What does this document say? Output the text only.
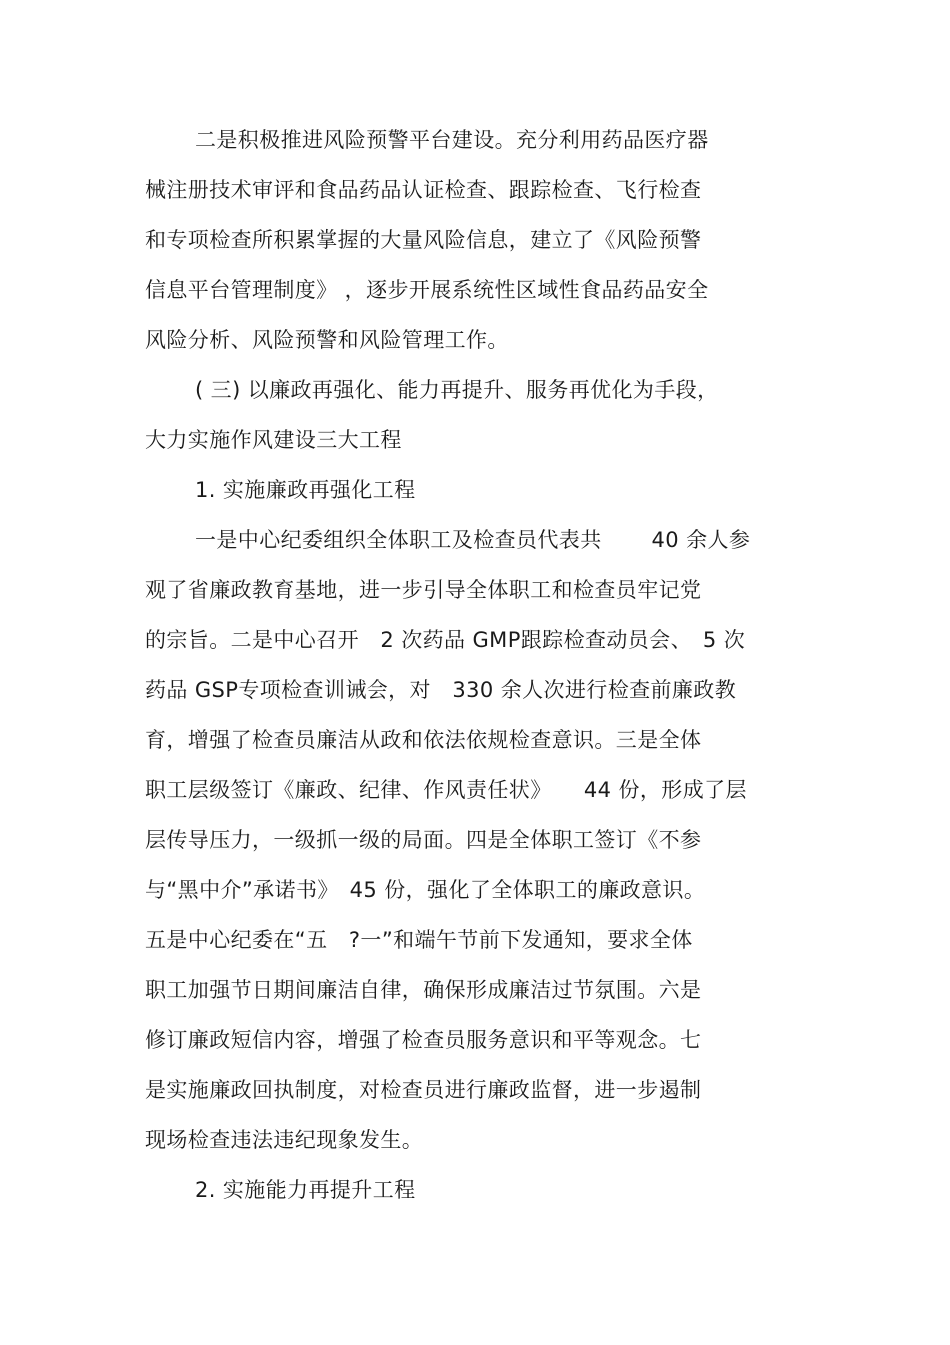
二是积极推进风险预警平台建设。充分利用药品医疗器
械注册技术审评和食品药品认证检查、跟踪检查、飞行检查
和专项检查所积累掌握的大量风险信息，建立了《风险预警
信息平台管理制度》 ，逐步开展系统性区域性食品药品安全
风险分析、风险预警和风险管理工作。
( 三) 以廉政再强化、能力再提升、服务再优化为手段，
大力实施作风建设三大工程
1. 实施廉政再强化工程
一是中心纪委组织全体职工及检查员代表共　　 40 余人参
观了省廉政教育基地，进一步引导全体职工和检查员牢记党
的宗旨。二是中心召开　2 次药品 GMP跟踪检查动员会、　5 次
药品 GSP专项检查训诫会，对　330 余人次进行检查前廉政教
育，增强了检查员廉洁从政和依法依规检查意识。三是全体
职工层级签订《廉政、纪律、作风责任状》　　44 份，形成了层
层传导压力，一级抓一级的局面。四是全体职工签订《不参
与“黑中介”承诺书》　45 份，强化了全体职工的廉政意识。
五是中心纪委在“五　?一”和端午节前下发通知，要求全体
职工加强节日期间廉洁自律，确保形成廉洁过节氛围。六是
修订廉政短信内容，增强了检查员服务意识和平等观念。七
是实施廉政回执制度，对检查员进行廉政监督，进一步遏制
现场检查违法违纪现象发生。
2. 实施能力再提升工程
